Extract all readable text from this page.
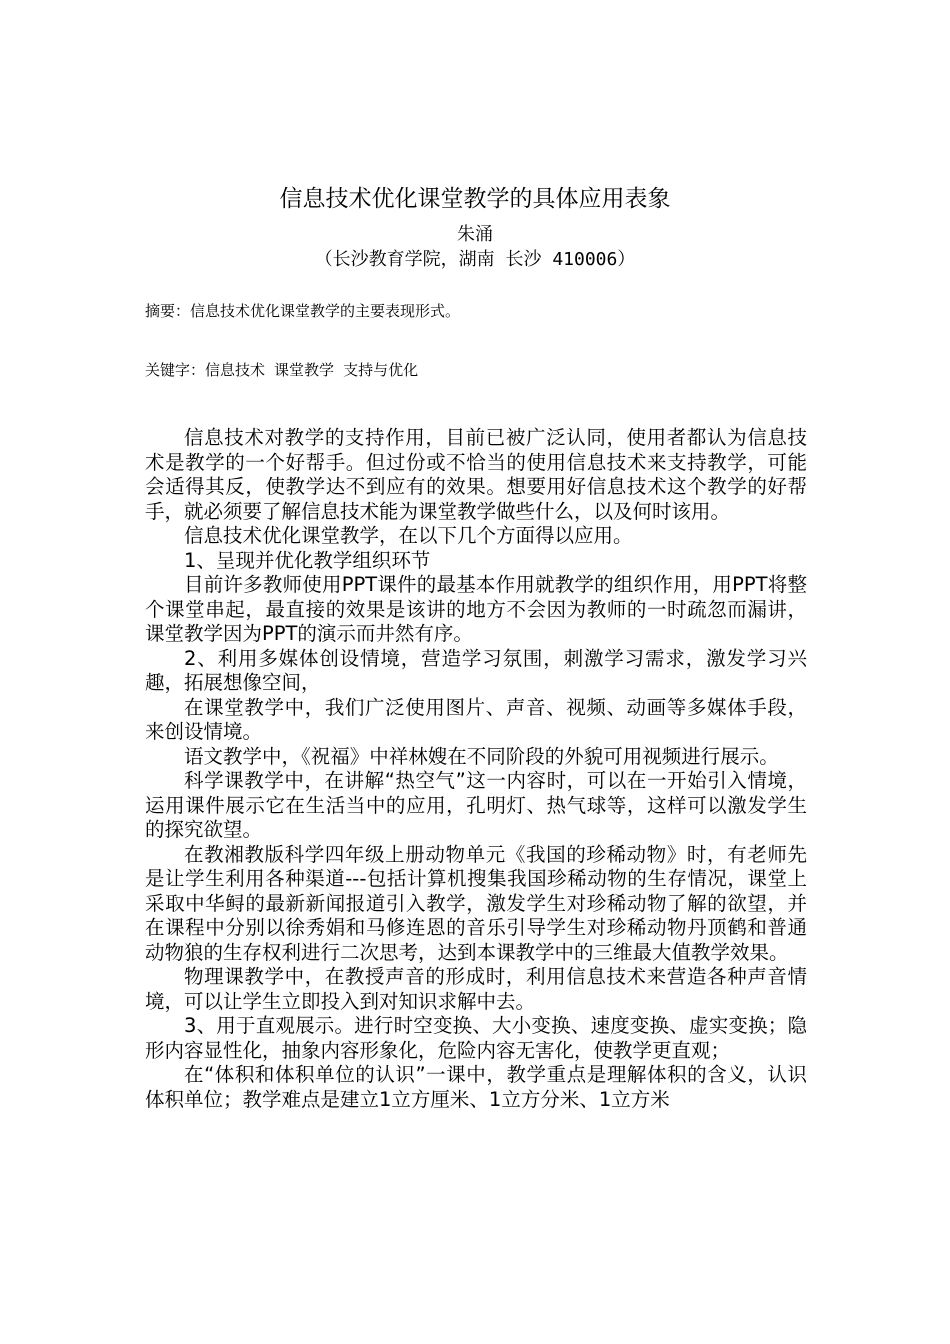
信息技术优化课堂教学的具体应用表象
朱涌
（长沙教育学院，湖南 长沙 410006）
摘要：信息技术优化课堂教学的主要表现形式。
关键字：信息技术 课堂教学 支持与优化

信息技术对教学的支持作用，目前已被广泛认同，使用者都认为信息技术是教学的一个好帮手。但过份或不恰当的使用信息技术来支持教学，可能会适得其反，使教学达不到应有的效果。想要用好信息技术这个教学的好帮手，就必须要了解信息技术能为课堂教学做些什么，以及何时该用。

信息技术优化课堂教学，在以下几个方面得以应用。

1、呈现并优化教学组织环节

目前许多教师使用PPT课件的最基本作用就教学的组织作用，用PPT将整个课堂串起，最直接的效果是该讲的地方不会因为教师的一时疏忽而漏讲，课堂教学因为PPT的演示而井然有序。

2、利用多媒体创设情境，营造学习氛围，刺激学习需求，激发学习兴趣，拓展想像空间，

在课堂教学中，我们广泛使用图片、声音、视频、动画等多媒体手段，来创设情境。

语文教学中，《祝福》中祥林嫂在不同阶段的外貌可用视频进行展示。

科学课教学中，在讲解“热空气”这一内容时，可以在一开始引入情境，运用课件展示它在生活当中的应用，孔明灯、热气球等，这样可以激发学生的探究欲望。

在教湘教版科学四年级上册动物单元《我国的珍稀动物》时，有老师先是让学生利用各种渠道---包括计算机搜集我国珍稀动物的生存情况，课堂上采取中华鲟的最新新闻报道引入教学，激发学生对珍稀动物了解的欲望，并在课程中分别以徐秀娟和马修连恩的音乐引导学生对珍稀动物丹顶鹤和普通动物狼的生存权利进行二次思考，达到本课教学中的三维最大值教学效果。

物理课教学中，在教授声音的形成时，利用信息技术来营造各种声音情境，可以让学生立即投入到对知识求解中去。

3、用于直观展示。进行时空变换、大小变换、速度变换、虚实变换；隐形内容显性化，抽象内容形象化，危险内容无害化，使教学更直观；

在“体积和体积单位的认识”一课中，教学重点是理解体积的含义，认识体积单位；教学难点是建立1立方厘米、1立方分米、1立方米
